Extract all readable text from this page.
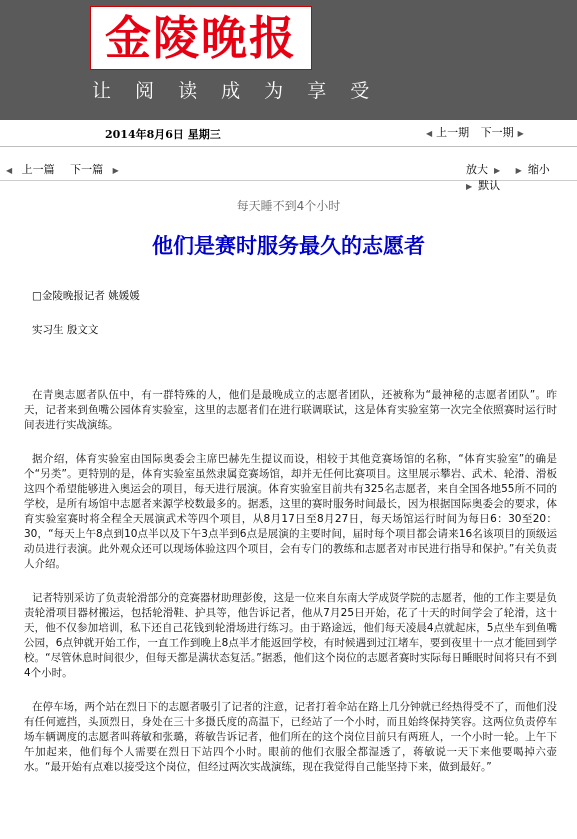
金陵晚报
让 阅 读 成 为 享 受
2014年8月6日 星期三	◀ 上一期 下一期 ▶
◀ 上一篇 下一篇 ▶	放大 ▶ ▶ 缩小 ▶ 默认
每天睡不到4个小时
他们是赛时服务最久的志愿者
□金陵晚报记者 姚媛媛
实习生 殷文文

在青奥志愿者队伍中，有一群特殊的人，他们是最晚成立的志愿者团队，还被称为“最神秘的志愿者团队”。昨天，记者来到鱼嘴公园体育实验室，这里的志愿者们在进行联调联试，这是体育实验室第一次完全依照赛时运行时间表进行实战演练。

据介绍，体育实验室由国际奥委会主席巴赫先生提议而设，相较于其他竞赛场馆的名称，“体育实验室”的确是个“另类”。更特别的是，体育实验室虽然隶属竞赛场馆，却并无任何比赛项目。这里展示攀岩、武术、轮滑、滑板这四个希望能够进入奥运会的项目，每天进行展演。体育实验室目前共有325名志愿者，来自全国各地55所不同的学校，是所有场馆中志愿者来源学校数最多的。据悉，这里的赛时服务时间最长，因为根据国际奥委会的要求，体育实验室赛时将全程全天展演武术等四个项目，从8月17日至8月27日，每天场馆运行时间为每日6：30至20：30，“每天上午8点到10点半以及下午3点半到6点是展演的主要时间，届时每个项目都会请来16名该项目的顶级运动员进行表演。此外观众还可以现场体验这四个项目，会有专门的教练和志愿者对市民进行指导和保护。”有关负责人介绍。

记者特别采访了负责轮滑部分的竞赛器材助理彭俊，这是一位来自东南大学成贤学院的志愿者，他的工作主要是负责轮滑项目器材搬运，包括轮滑鞋、护具等，他告诉记者，他从7月25日开始，花了十天的时间学会了轮滑，这十天，他不仅参加培训，私下还自己花钱到轮滑场进行练习。由于路途远，他们每天凌晨4点就起床，5点坐车到鱼嘴公园，6点钟就开始工作，一直工作到晚上8点半才能返回学校，有时候遇到过江堵车，要到夜里十一点才能回到学校。“尽管休息时间很少，但每天都是满状态复活。”据悉，他们这个岗位的志愿者赛时实际每日睡眠时间将只有不到4个小时。

在停车场，两个站在烈日下的志愿者吸引了记者的注意，记者打着伞站在路上几分钟就已经热得受不了，而他们没有任何遮挡，头顶烈日，身处在三十多摄氏度的高温下，已经站了一个小时，而且始终保持笑容。这两位负责停车场车辆调度的志愿者叫蒋敏和张璐，蒋敏告诉记者，他们所在的这个岗位目前只有两班人，一个小时一轮。上午下午加起来，他们每个人需要在烈日下站四个小时。眼前的他们衣服全都湿透了，蒋敏说一天下来他要喝掉六壶水。“最开始有点难以接受这个岗位，但经过两次实战演练，现在我觉得自己能坚持下来，做到最好。”
